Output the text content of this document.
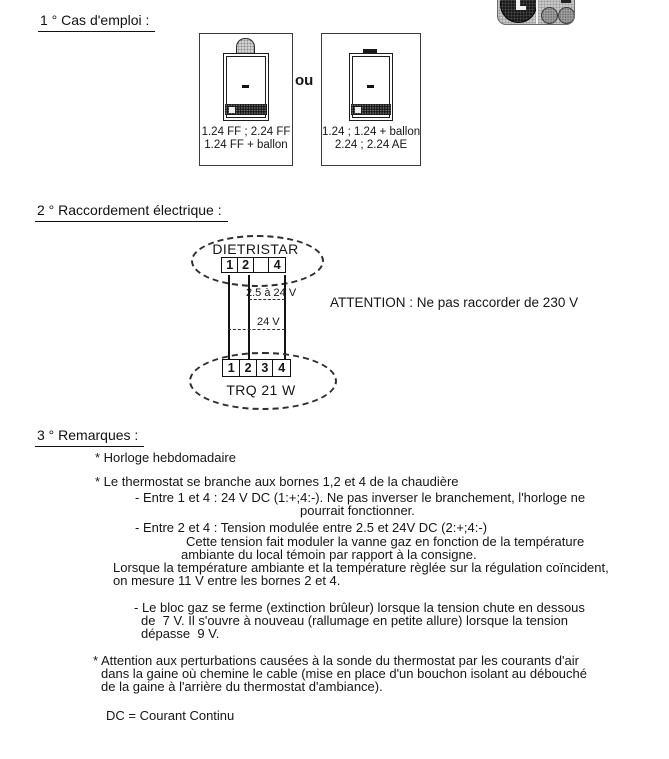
1 ° Cas d'emploi :
1.24 FF ; 2.24 FF
1.24 FF + ballon
ou
1.24 ; 1.24 + ballon
2.24 ; 2.24 AE
2 ° Raccordement électrique :
DIETRISTAR
1 2	4
2.5 à 24 V
24 V
1 2 3 4
TRQ 21 W
ATTENTION : Ne pas raccorder de 230 V
3 ° Remarques :
* Horloge hebdomadaire
* Le thermostat se branche aux bornes 1,2 et 4 de la chaudière
- Entre 1 et 4 : 24 V DC (1:+;4:-). Ne pas inverser le branchement, l'horloge ne
pourrait fonctionner.
- Entre 2 et 4 : Tension modulée entre 2.5 et 24V DC (2:+;4:-)
Cette tension fait moduler la vanne gaz en fonction de la température
ambiante du local témoin par rapport à la consigne.
Lorsque la température ambiante et la température règlée sur la régulation coïncident,
on mesure 11 V entre les bornes 2 et 4.
- Le bloc gaz se ferme (extinction brûleur) lorsque la tension chute en dessous
de  7 V. Il s'ouvre à nouveau (rallumage en petite allure) lorsque la tension
dépasse  9 V.
* Attention aux perturbations causées à la sonde du thermostat par les courants d'air
dans la gaine où chemine le cable (mise en place d'un bouchon isolant au débouché
de la gaine à l'arrière du thermostat d'ambiance).
DC = Courant Continu
